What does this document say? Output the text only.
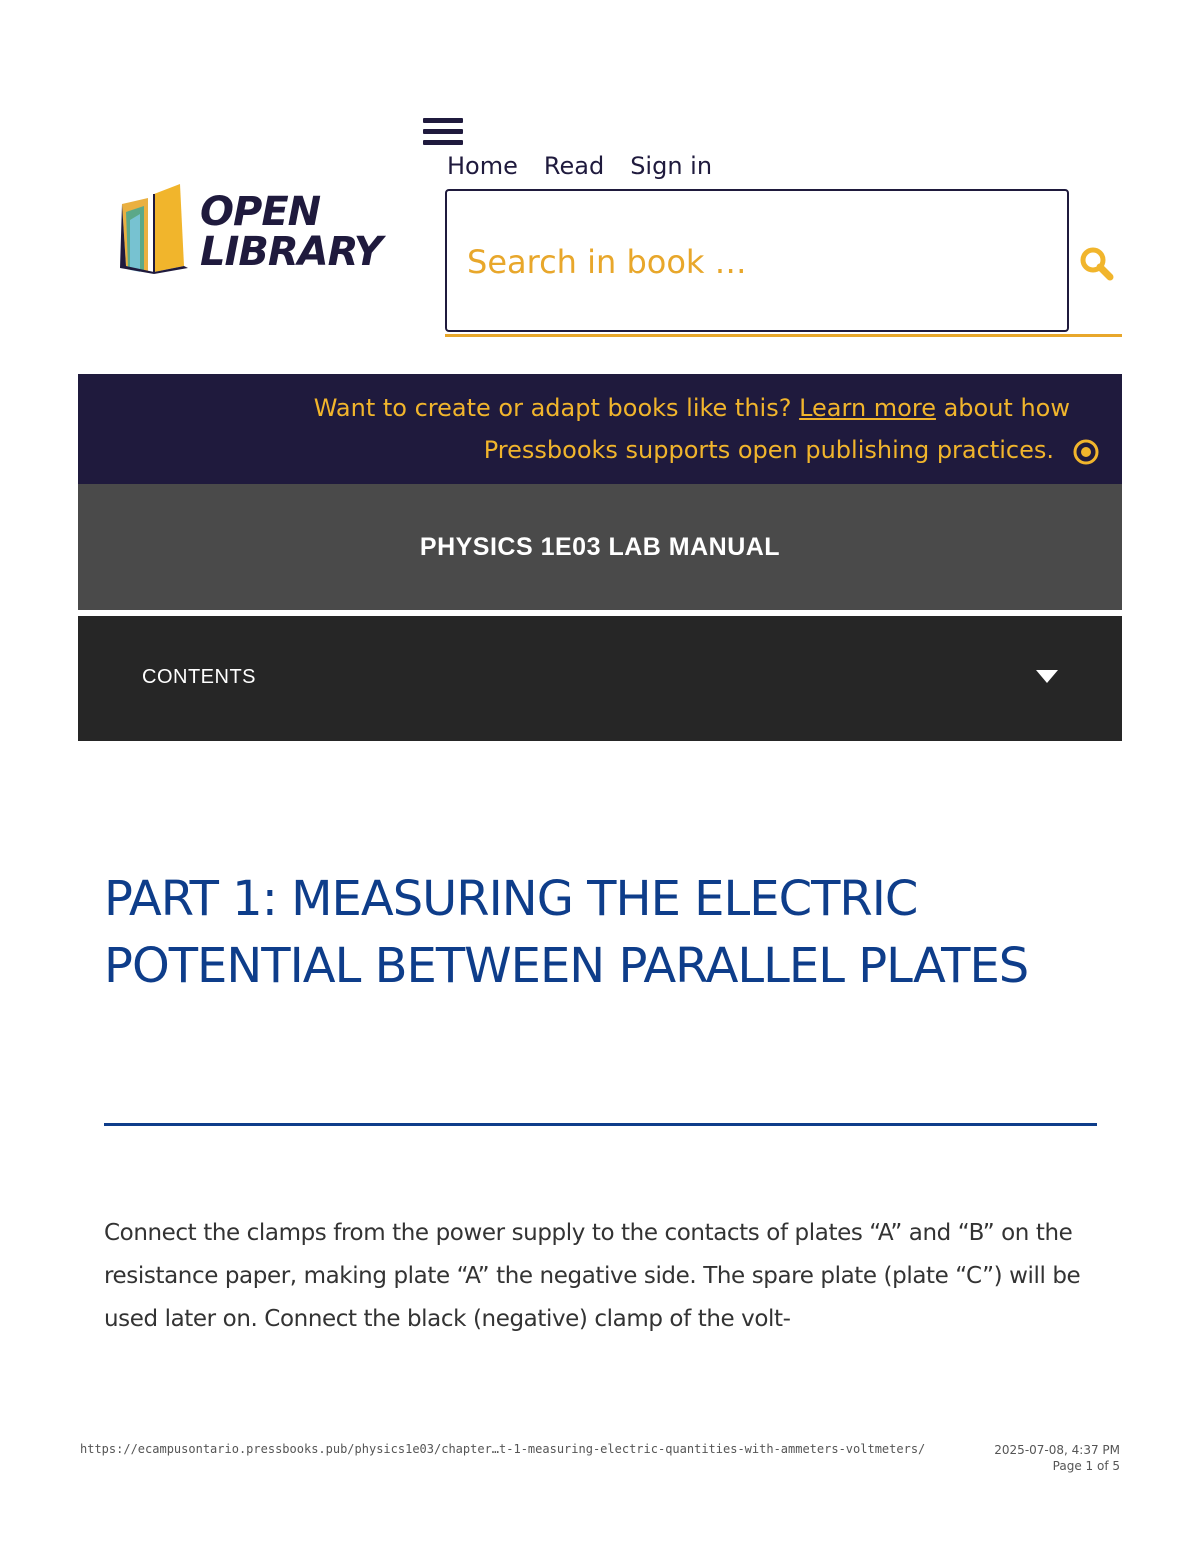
Home Read Sign in
OPEN
LIBRARY
Search in book …
Want to create or adapt books like this? Learn more about how
Pressbooks supports open publishing practices.
PHYSICS 1E03 LAB MANUAL
CONTENTS
PART 1: MEASURING THE ELECTRIC POTENTIAL BETWEEN PARALLEL PLATES

Connect the clamps from the power supply to the contacts of plates “A” and “B” on the resistance paper, making plate “A” the negative side. The spare plate (plate “C”) will be used later on. Connect the black (negative) clamp of the volt-

https://ecampusontario.pressbooks.pub/physics1e03/chapter…t-1-measuring-electric-quantities-with-ammeters-voltmeters/	2025-07-08, 4:37 PM
Page 1 of 5
